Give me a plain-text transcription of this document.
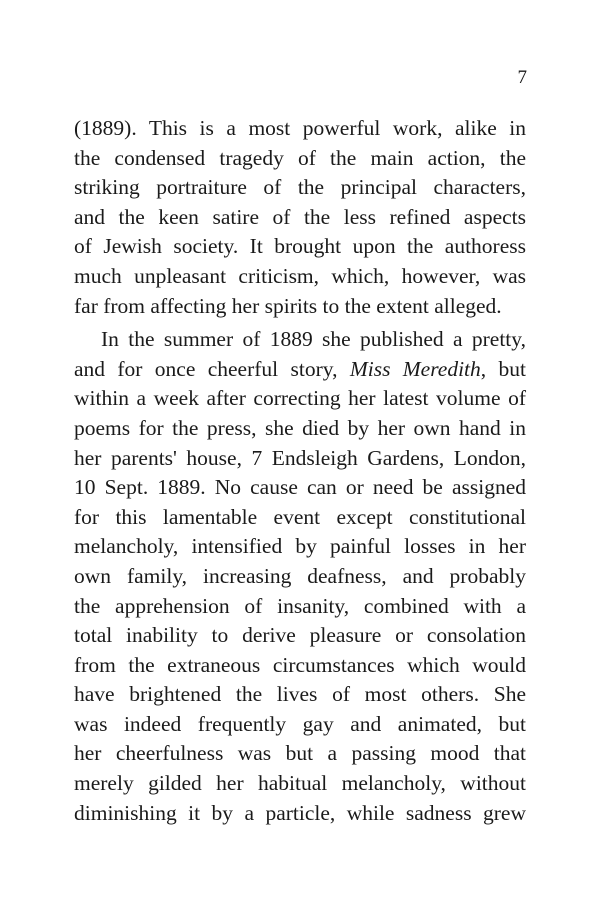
7
(1889). This is a most powerful work, alike in
the condensed tragedy of the main action, the
striking portraiture of the principal characters,
and the keen satire of the less refined aspects
of Jewish society. It brought upon the authoress
much unpleasant criticism, which, however, was
far from affecting her spirits to the extent alleged.
In the summer of 1889 she published a pretty,
and for once cheerful story, Miss Meredith, but
within a week after correcting her latest volume of
poems for the press, she died by her own hand in
her parents' house, 7 Endsleigh Gardens, London,
10 Sept. 1889. No cause can or need be assigned
for this lamentable event except constitutional
melancholy, intensified by painful losses in her
own family, increasing deafness, and probably
the apprehension of insanity, combined with a
total inability to derive pleasure or consolation
from the extraneous circumstances which would
have brightened the lives of most others. She
was indeed frequently gay and animated, but
her cheerfulness was but a passing mood that
merely gilded her habitual melancholy, without
diminishing it by a particle, while sadness grew
